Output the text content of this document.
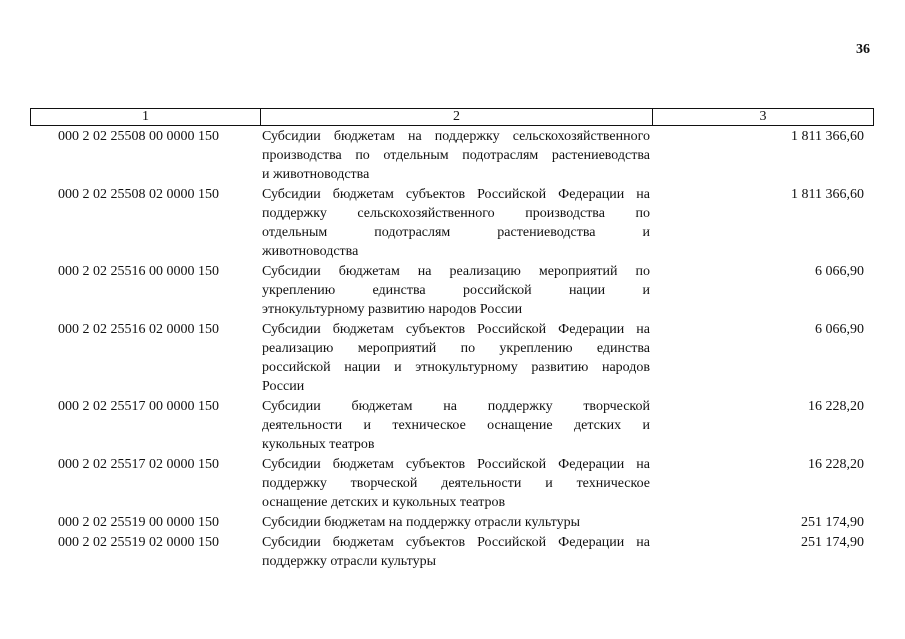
36
1	2	3
000 2 02 25508 00 0000 150	Субсидии бюджетам на поддержку сельскохозяйственного
производства по отдельным подотраслям растениеводства
и животноводства
1 811 366,60
000 2 02 25508 02 0000 150	Субсидии бюджетам субъектов Российской Федерации на
поддержку сельскохозяйственного производства по
отдельным подотраслям растениеводства и
животноводства
1 811 366,60
000 2 02 25516 00 0000 150	Субсидии бюджетам на реализацию мероприятий по
укреплению единства российской нации и
этнокультурному развитию народов России
6 066,90
000 2 02 25516 02 0000 150	Субсидии бюджетам субъектов Российской Федерации на
реализацию мероприятий по укреплению единства
российской нации и этнокультурному развитию народов
России
6 066,90
000 2 02 25517 00 0000 150	Субсидии бюджетам на поддержку творческой
деятельности и техническое оснащение детских и
кукольных театров
16 228,20
000 2 02 25517 02 0000 150	Субсидии бюджетам субъектов Российской Федерации на
поддержку творческой деятельности и техническое
оснащение детских и кукольных театров
16 228,20
000 2 02 25519 00 0000 150	Субсидии бюджетам на поддержку отрасли культуры	251 174,90
000 2 02 25519 02 0000 150	Субсидии бюджетам субъектов Российской Федерации на
поддержку отрасли культуры
251 174,90
